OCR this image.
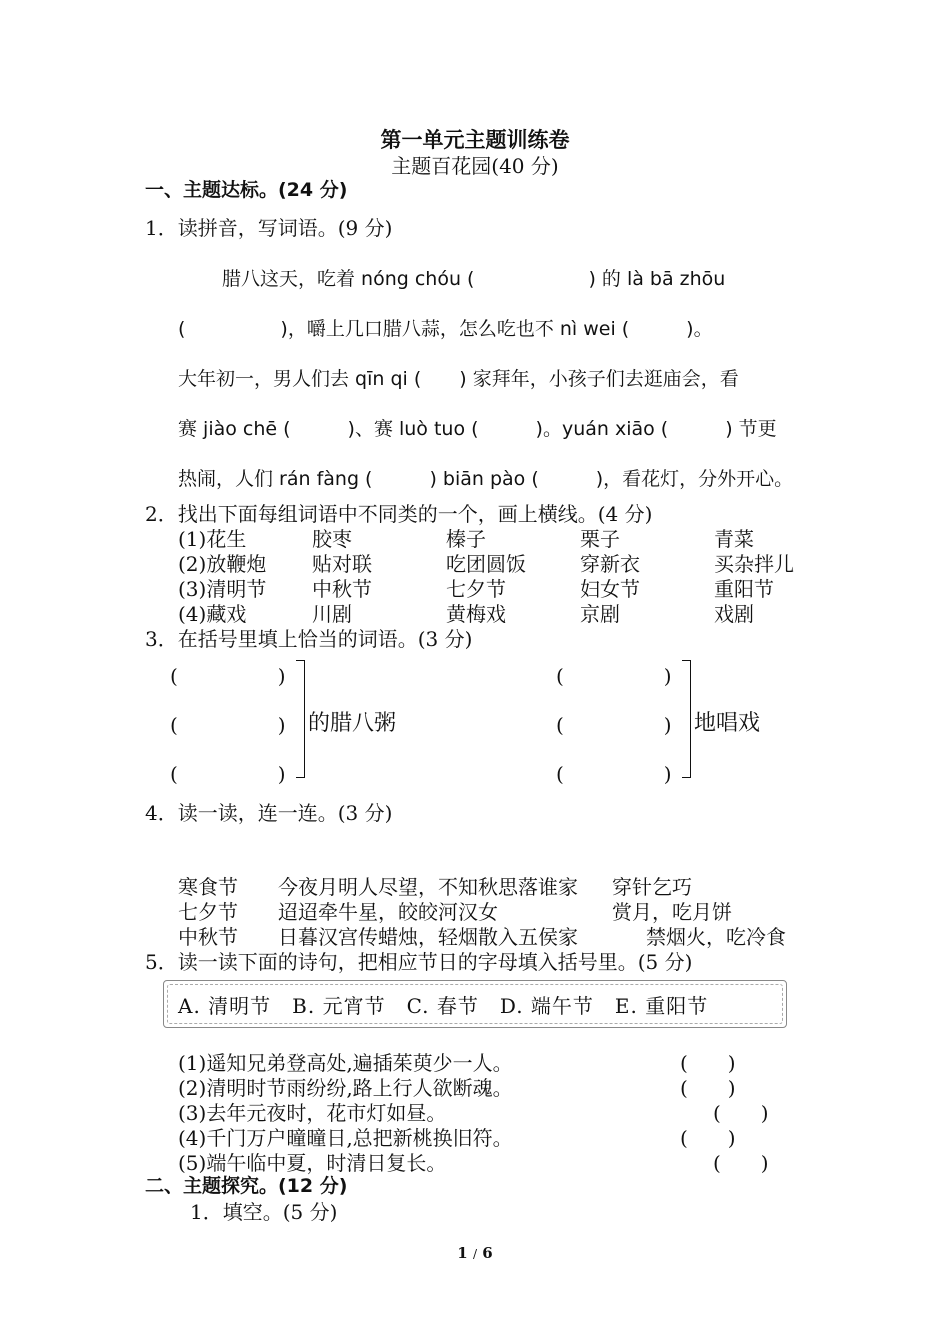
第一单元主题训练卷
主题百花园(40 分)
一、主题达标。(24 分)
1．读拼音，写词语。(9 分)
腊八这天，吃着 nóng chóu (　　　　　　) 的 là bā zhōu
(　　　　　)，嚼上几口腊八蒜，怎么吃也不 nì wei (　　　)。
大年初一，男人们去 qīn qi (　　) 家拜年，小孩子们去逛庙会，看
赛 jiào chē (　　　)、赛 luò tuo (　　　)。yuán xiāo (　　　) 节更
热闹，人们 rán fàng (　　　) biān pào (　　　)，看花灯，分外开心。
2．找出下面每组词语中不同类的一个，画上横线。(4 分)
(1)花生	胶枣	榛子	栗子	青菜
(2)放鞭炮 贴对联	吃团圆饭	穿新衣	买杂拌儿
(3)清明节 中秋节	七夕节	妇女节	重阳节
(4)藏戏	川剧	黄梅戏	京剧	戏剧
3．在括号里填上恰当的词语。(3 分)
(　　　　　)
(　　　　　)
(　　　　　)
的腊八粥
(　　　　　)
(　　　　　)
(　　　　　)
地唱戏
4．读一读，连一连。(3 分)
寒食节 今夜月明人尽望，不知秋思落谁家 穿针乞巧
七夕节 迢迢牵牛星，皎皎河汉女	赏月，吃月饼
中秋节 日暮汉宫传蜡烛，轻烟散入五侯家	禁烟火，吃冷食
5．读一读下面的诗句，把相应节日的字母填入括号里。(5 分)
A. 清明节　B. 元宵节　C. 春节　D. 端午节　E. 重阳节
(1)遥知兄弟登高处,遍插茱萸少一人。	(　　)
(2)清明时节雨纷纷,路上行人欲断魂。	(　　)
(3)去年元夜时，花市灯如昼。	(　　)
(4)千门万户曈曈日,总把新桃换旧符。	(　　)
(5)端午临中夏，时清日复长。	(　　)
二、主题探究。(12 分)
1．填空。(5 分)
1 / 6
